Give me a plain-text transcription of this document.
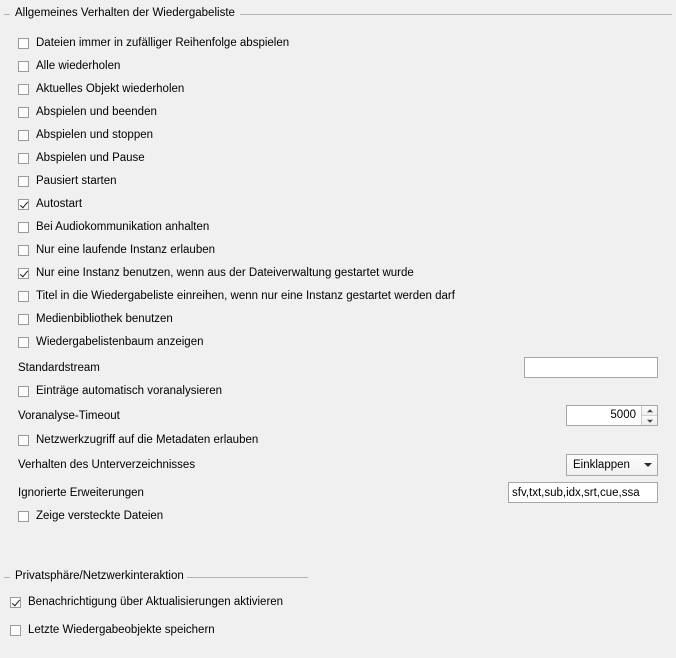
Allgemeines Verhalten der Wiedergabeliste
Dateien immer in zufälliger Reihenfolge abspielen
Alle wiederholen
Aktuelles Objekt wiederholen
Abspielen und beenden
Abspielen und stoppen
Abspielen und Pause
Pausiert starten
Autostart
Bei Audiokommunikation anhalten
Nur eine laufende Instanz erlauben
Nur eine Instanz benutzen, wenn aus der Dateiverwaltung gestartet wurde
Titel in die Wiedergabeliste einreihen, wenn nur eine Instanz gestartet werden darf
Medienbibliothek benutzen
Wiedergabelistenbaum anzeigen
Standardstream
Einträge automatisch voranalysieren
Voranalyse-Timeout	5000
Netzwerkzugriff auf die Metadaten erlauben
Verhalten des Unterverzeichnisses	Einklappen
Ignorierte Erweiterungen
sfv,txt,sub,idx,srt,cue,ssa
Zeige versteckte Dateien
Privatsphäre/Netzwerkinteraktion
Benachrichtigung über Aktualisierungen aktivieren
Letzte Wiedergabeobjekte speichern
